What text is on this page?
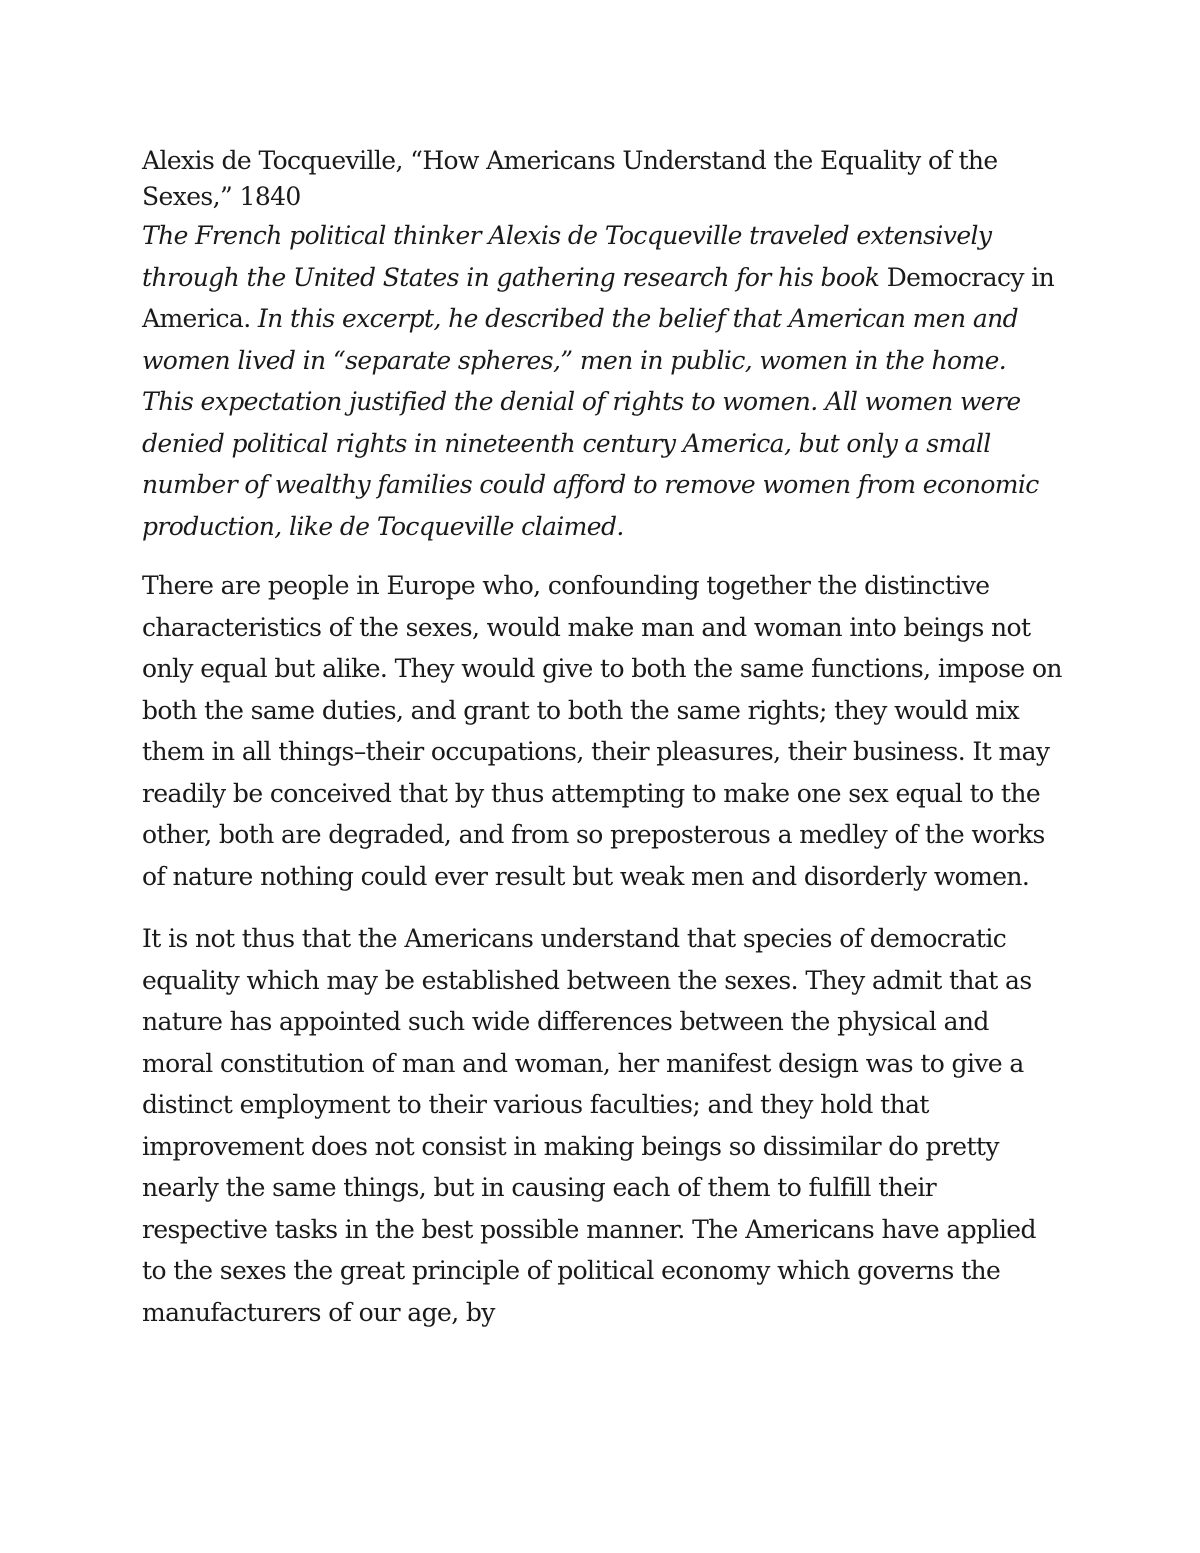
Alexis de Tocqueville, “How Americans Understand the Equality of the Sexes,” 1840

The French political thinker Alexis de Tocqueville traveled extensively through the United States in gathering research for his book Democracy in America. In this excerpt, he described the belief that American men and women lived in “separate spheres,” men in public, women in the home. This expectation justified the denial of rights to women. All women were denied political rights in nineteenth century America, but only a small number of wealthy families could afford to remove women from economic production, like de Tocqueville claimed.

There are people in Europe who, confounding together the distinctive characteristics of the sexes, would make man and woman into beings not only equal but alike. They would give to both the same functions, impose on both the same duties, and grant to both the same rights; they would mix them in all things–their occupations, their pleasures, their business. It may readily be conceived that by thus attempting to make one sex equal to the other, both are degraded, and from so preposterous a medley of the works of nature nothing could ever result but weak men and disorderly women.

It is not thus that the Americans understand that species of democratic equality which may be established between the sexes. They admit that as nature has appointed such wide differences between the physical and moral constitution of man and woman, her manifest design was to give a distinct employment to their various faculties; and they hold that improvement does not consist in making beings so dissimilar do pretty nearly the same things, but in causing each of them to fulfill their respective tasks in the best possible manner. The Americans have applied to the sexes the great principle of political economy which governs the manufacturers of our age, by
